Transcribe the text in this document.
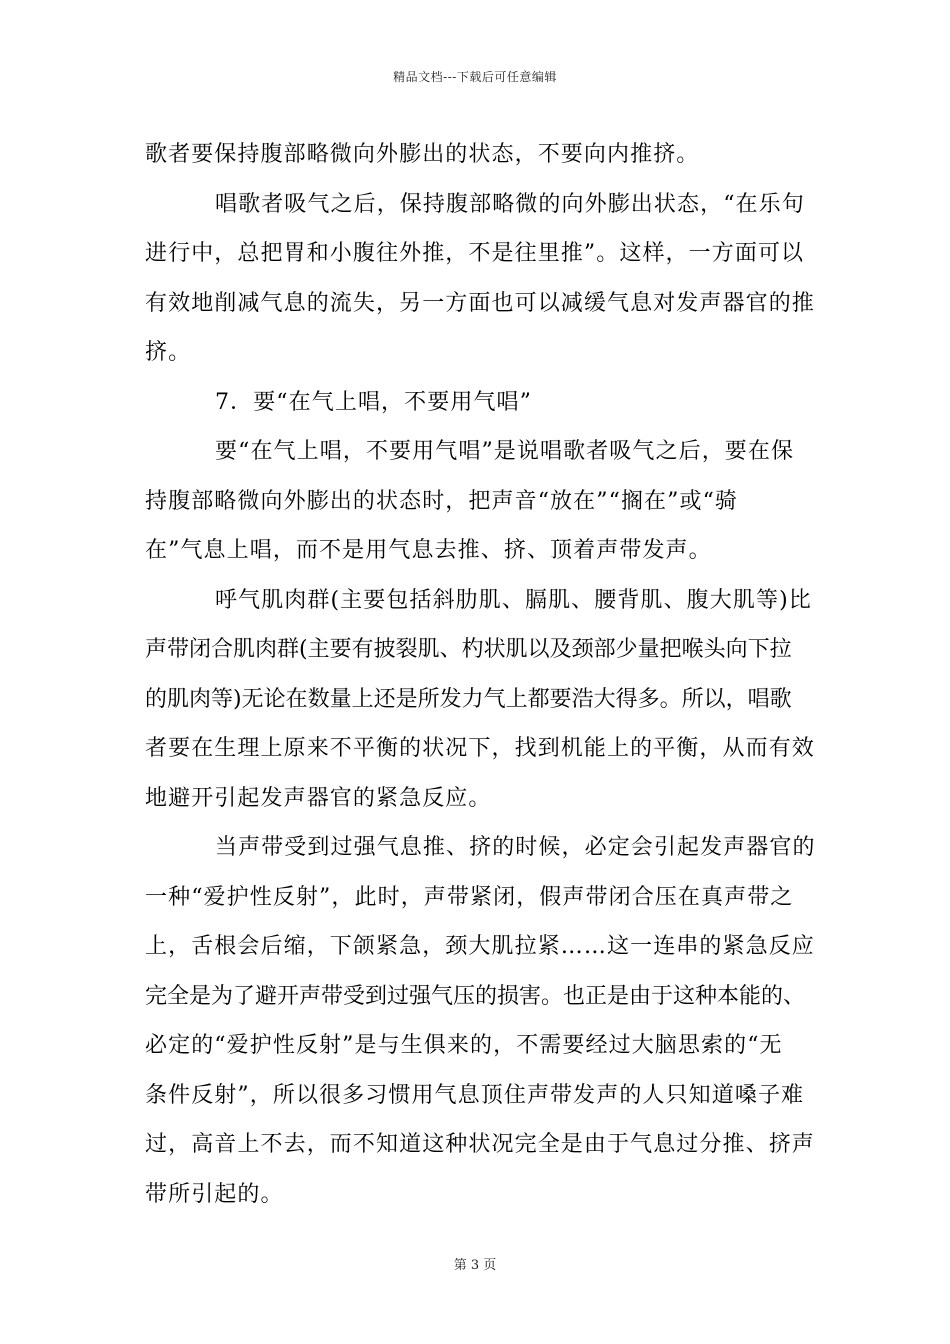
精品文档---下载后可任意编辑
歌者要保持腹部略微向外膨出的状态，不要向内推挤。
唱歌者吸气之后，保持腹部略微的向外膨出状态，“在乐句
进行中，总把胃和小腹往外推，不是往里推”。这样，一方面可以
有效地削减气息的流失，另一方面也可以减缓气息对发声器官的推
挤。
7．要“在气上唱，不要用气唱”
要“在气上唱，不要用气唱”是说唱歌者吸气之后，要在保
持腹部略微向外膨出的状态时，把声音“放在”“搁在”或“骑
在”气息上唱，而不是用气息去推、挤、顶着声带发声。
呼气肌肉群(主要包括斜肋肌、膈肌、腰背肌、腹大肌等)比
声带闭合肌肉群(主要有披裂肌、杓状肌以及颈部少量把喉头向下拉
的肌肉等)无论在数量上还是所发力气上都要浩大得多。所以，唱歌
者要在生理上原来不平衡的状况下，找到机能上的平衡，从而有效
地避开引起发声器官的紧急反应。
当声带受到过强气息推、挤的时候，必定会引起发声器官的
一种“爱护性反射”，此时，声带紧闭，假声带闭合压在真声带之
上，舌根会后缩，下颌紧急，颈大肌拉紧……这一连串的紧急反应
完全是为了避开声带受到过强气压的损害。也正是由于这种本能的、
必定的“爱护性反射”是与生俱来的，不需要经过大脑思索的“无
条件反射”，所以很多习惯用气息顶住声带发声的人只知道嗓子难
过，高音上不去，而不知道这种状况完全是由于气息过分推、挤声
带所引起的。
第 3 页
